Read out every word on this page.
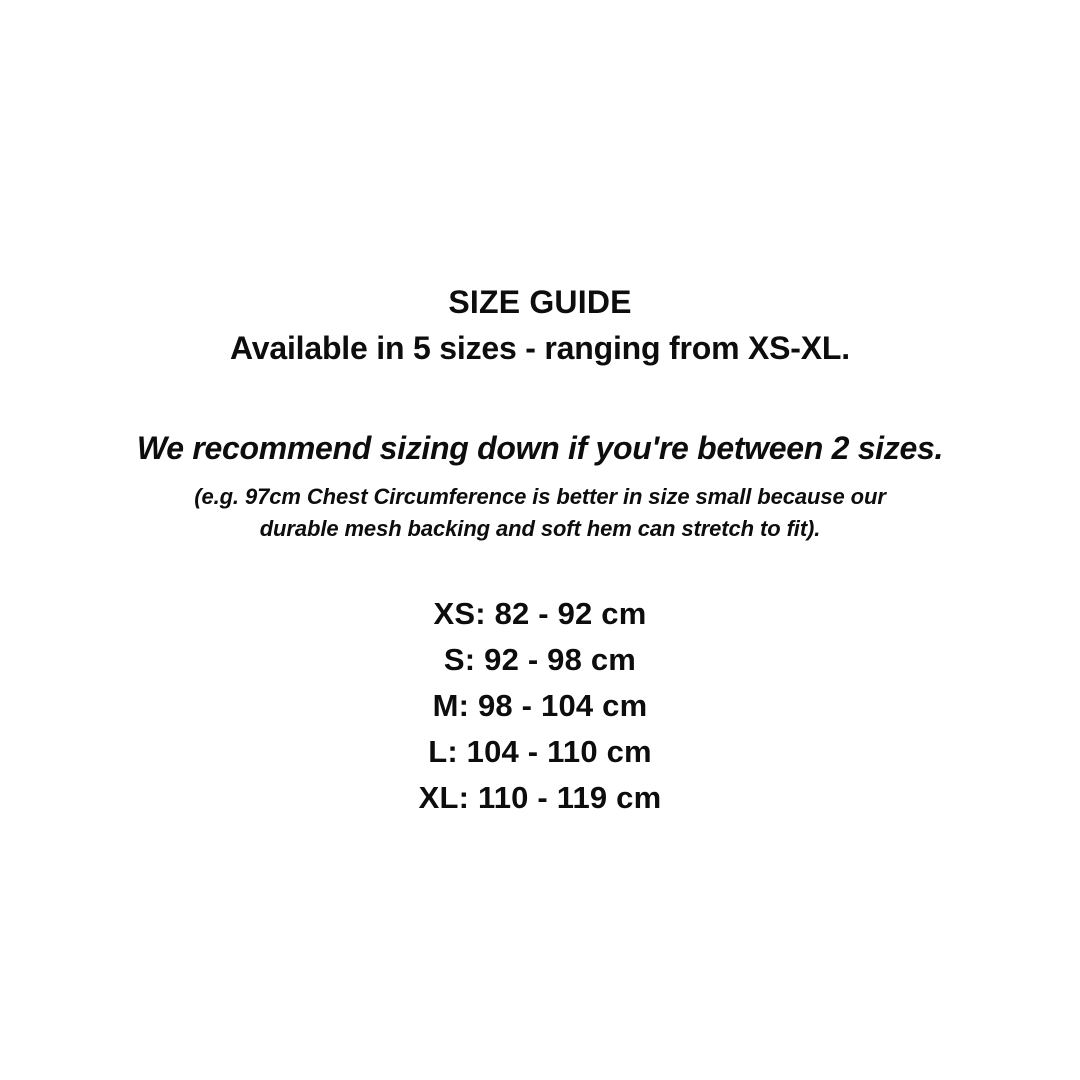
SIZE GUIDE

Available in 5 sizes - ranging from XS-XL.

We recommend sizing down if you're between 2 sizes.

(e.g. 97cm Chest Circumference is better in size small because our
durable mesh backing and soft hem can stretch to fit).

XS: 82 - 92 cm
S: 92 - 98 cm
M: 98 - 104 cm
L: 104 - 110 cm
XL: 110 - 119 cm
